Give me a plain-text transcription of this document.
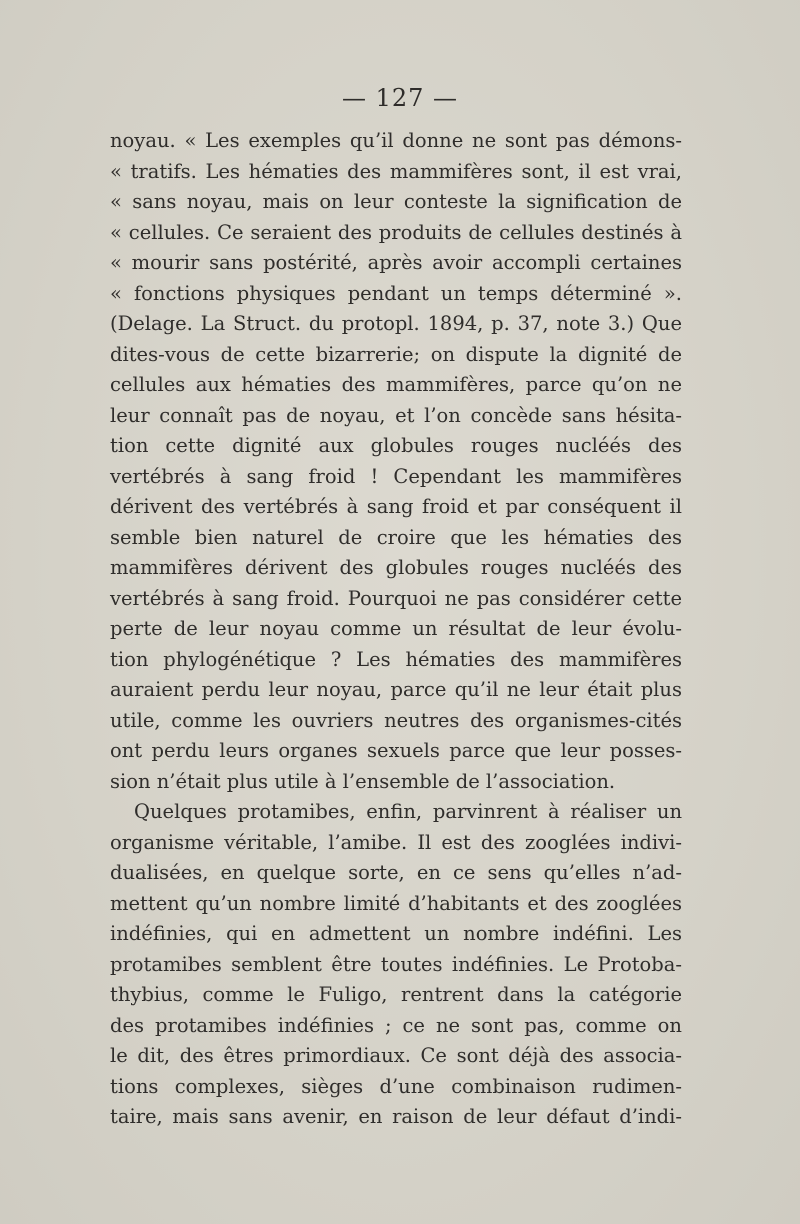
— 127 —
noyau. « Les exemples qu’il donne ne sont pas démons-
« tratifs. Les hématies des mammifères sont, il est vrai,
« sans noyau, mais on leur conteste la signification de
« cellules. Ce seraient des produits de cellules destinés à
« mourir sans postérité, après avoir accompli certaines
« fonctions physiques pendant un temps déterminé ».
(Delage. La Struct. du protopl. 1894, p. 37, note 3.) Que
dites-vous de cette bizarrerie; on dispute la dignité de
cellules aux hématies des mammifères, parce qu’on ne
leur connaît pas de noyau, et l’on concède sans hésita-
tion cette dignité aux globules rouges nucléés des
vertébrés à sang froid ! Cependant les mammifères
dérivent des vertébrés à sang froid et par conséquent il
semble bien naturel de croire que les hématies des
mammifères dérivent des globules rouges nucléés des
vertébrés à sang froid. Pourquoi ne pas considérer cette
perte de leur noyau comme un résultat de leur évolu-
tion phylogénétique ? Les hématies des mammifères
auraient perdu leur noyau, parce qu’il ne leur était plus
utile, comme les ouvriers neutres des organismes-cités
ont perdu leurs organes sexuels parce que leur posses-
sion n’était plus utile à l’ensemble de l’association.
Quelques protamibes, enfin, parvinrent à réaliser un
organisme véritable, l’amibe. Il est des zooglées indivi-
dualisées, en quelque sorte, en ce sens qu’elles n’ad-
mettent qu’un nombre limité d’habitants et des zooglées
indéfinies, qui en admettent un nombre indéfini. Les
protamibes semblent être toutes indéfinies. Le Protoba-
thybius, comme le Fuligo, rentrent dans la catégorie
des protamibes indéfinies ; ce ne sont pas, comme on
le dit, des êtres primordiaux. Ce sont déjà des associa-
tions complexes, sièges d’une combinaison rudimen-
taire, mais sans avenir, en raison de leur défaut d’indi-
